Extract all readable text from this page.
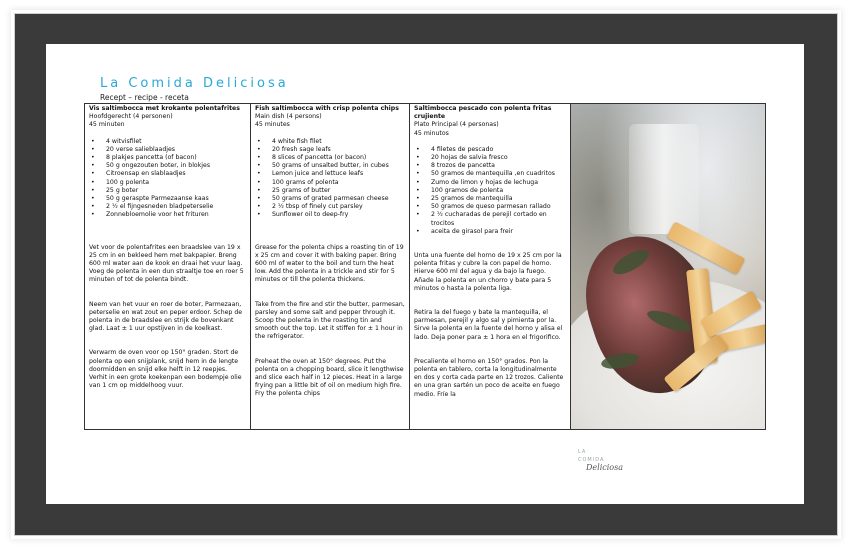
La Comida Deliciosa
Recept – recipe - receta
Vis saltimbocca met krokante polentafrites
Hoofdgerecht (4 personen)
45 minuten
• 4 witvisfilet
• 20 verse salieblaadjes
• 8 plakjes pancetta (of bacon)
• 50 g ongezouten boter, in blokjes
• Citroensap en slablaadjes
• 100 g polenta
• 25 g boter
• 50 g geraspte Parmezaanse kaas
• 2 ½ el fijngesneden bladpeterselie
• Zonnebloemolie voor het frituren
Vet voor de polentafrites een braadslee van 19 x 25 cm in en bekleed hem met bakpapier. Breng 600 ml water aan de kook en draai het vuur laag. Voeg de polenta in een dun straaltje toe en roer 5 minuten of tot de polenta bindt.
Neem van het vuur en roer de boter, Parmezaan, peterselie en wat zout en peper erdoor. Schep de polenta in de braadslee en strijk de bovenkant glad. Laat ± 1 uur opstijven in de koelkast.
Verwarm de oven voor op 150° graden. Stort de polenta op een snijplank, snijd hem in de lengte doormidden en snijd elke helft in 12 reepjes. Verhit in een grote koekenpan een bodempje olie van 1 cm op middelhoog vuur.
Fish saltimbocca with crisp polenta chips
Main dish (4 persons)
45 minutes
• 4 white fish filet
• 20 fresh sage leafs
• 8 slices of pancetta (or bacon)
• 50 grams of unsalted butter, in cubes
• Lemon juice and lettuce leafs
• 100 grams of polenta
• 25 grams of butter
• 50 grams of grated parmesan cheese
• 2 ½ tbsp of finely cut parsley
• Sunflower oil to deep-fry
Grease for the polenta chips a roasting tin of 19 x 25 cm and cover it with baking paper. Bring 600 ml of water to the boil and turn the heat low. Add the polenta in a trickle and stir for 5 minutes or till the polenta thickens.
Take from the fire and stir the butter, parmesan, parsley and some salt and pepper through it. Scoop the polenta in the roasting tin and smooth out the top. Let it stiffen for ± 1 hour in the refrigerator.
Preheat the oven at 150° degrees. Put the polenta on a chopping board, slice it lengthwise and slice each half in 12 pieces. Heat in a large frying pan a little bit of oil on medium high fire. Fry the polenta chips
Saltimbocca pescado con polenta fritas crujiente
Plato Principal (4 personas)
45 minutos
• 4 filetes de pescado
• 20 hojas de salvia fresco
• 8 trozos de pancetta
• 50 gramos de mantequilla ,en cuadritos
• Zumo de limon y hojas de lechuga
• 100 gramos de polenta
• 25 gramos de mantequilla
• 50 gramos de queso parmesan rallado
• 2 ½ cucharadas de perejil cortado en trocitos
• aceita de girasol para freir
Unta una fuente del horno de 19 x 25 cm por la polenta fritas y cubre la con papel de horno. Hierve 600 ml del agua y da bajo la fuego. Añade la polenta en un chorro y bate para 5 minutos o hasta la polenta liga.
Retira la del fuego y bate la mantequilla, el parmesan, perejil y algo sal y pimienta por la. Sirve la polenta en la fuente del horno y alisa el lado. Deja poner para ± 1 hora en el frigorifico.
Precaliente el horno en 150° grados. Pon la polenta en tablero, corta la longitudinalmente en dos y corta cada parte en 12 trozos. Caliente en una gran sartén un poco de aceite en fuego medio. Fríe la
LA
COMIDA
Deliciosa
